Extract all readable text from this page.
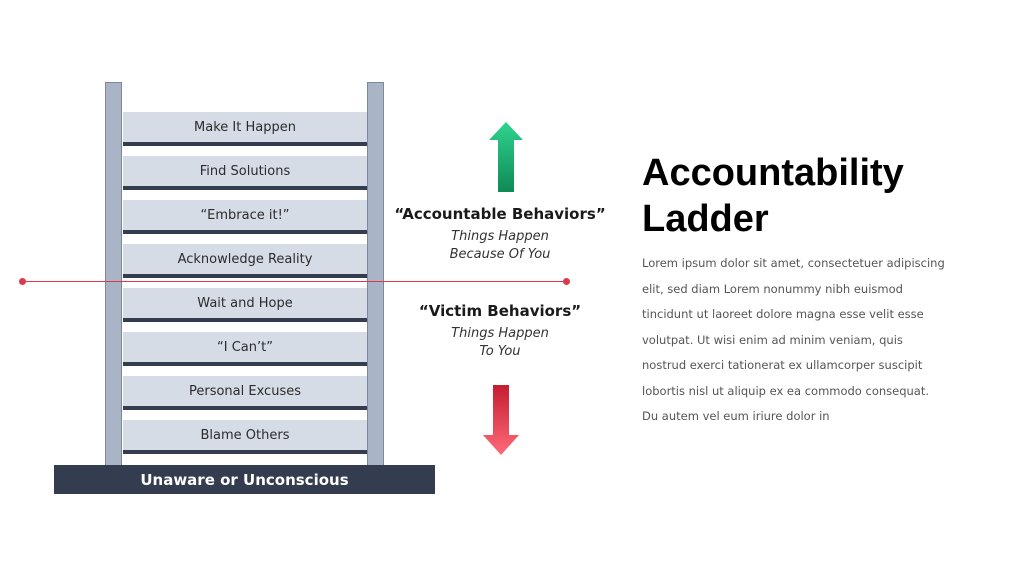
Make It Happen
Find Solutions
“Embrace it!”
Acknowledge Reality
Wait and Hope
“I Can’t”
Personal Excuses
Blame Others
Unaware or Unconscious
“Accountable Behaviors”
Things Happen
Because Of You
“Victim Behaviors”
Things Happen
To You
Accountability
Ladder
Lorem ipsum dolor sit amet, consectetuer adipiscing elit, sed diam Lorem nonummy nibh euismod tincidunt ut laoreet dolore magna esse velit esse volutpat. Ut wisi enim ad minim veniam, quis nostrud exerci tationerat ex ullamcorper suscipit lobortis nisl ut aliquip ex ea commodo consequat. Du autem vel eum iriure dolor in
